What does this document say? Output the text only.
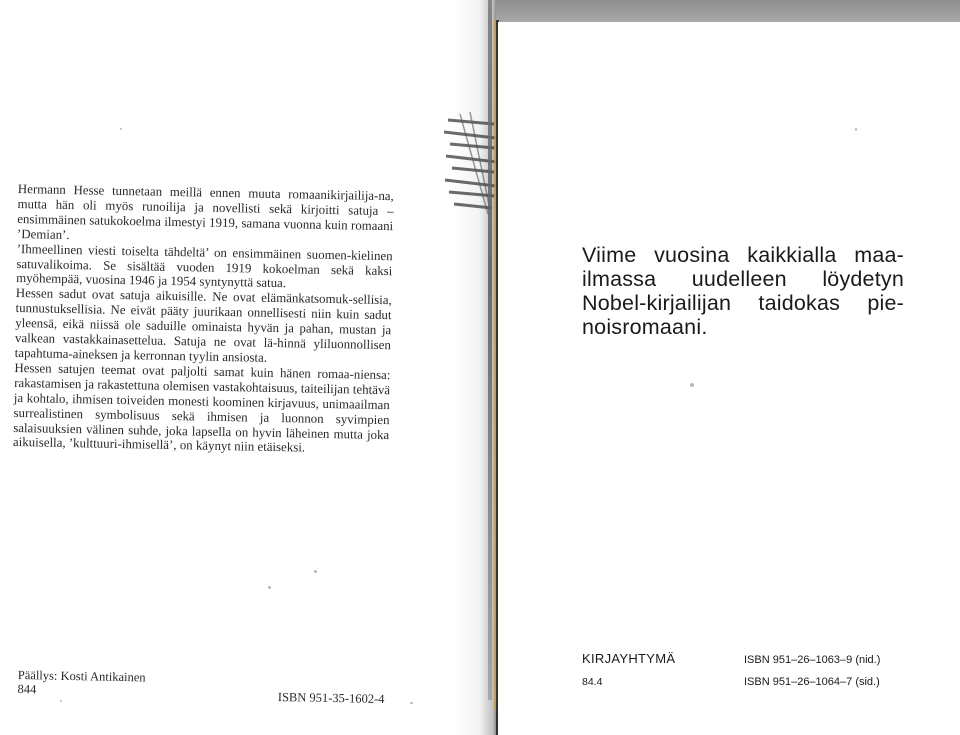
Hermann Hesse tunnetaan meillä ennen muuta romaanikirjailija-na, mutta hän oli myös runoilija ja novellisti sekä kirjoitti satuja – ensimmäinen satukokoelma ilmestyi 1919, samana vuonna kuin romaani ’Demian’.

’Ihmeellinen viesti toiselta tähdeltä’ on ensimmäinen suomen-kielinen satuvalikoima. Se sisältää vuoden 1919 kokoelman sekä kaksi myöhempää, vuosina 1946 ja 1954 syntynyttä satua.

Hessen sadut ovat satuja aikuisille. Ne ovat elämänkatsomuk-sellisia, tunnustuksellisia. Ne eivät pääty juurikaan onnellisesti niin kuin sadut yleensä, eikä niissä ole saduille ominaista hyvän ja pahan, mustan ja valkean vastakkainasettelua. Satuja ne ovat lä-hinnä yliluonnollisen tapahtuma-aineksen ja kerronnan tyylin ansiosta.

Hessen satujen teemat ovat paljolti samat kuin hänen romaa-niensa: rakastamisen ja rakastettuna olemisen vastakohtaisuus, taiteilijan tehtävä ja kohtalo, ihmisen toiveiden monesti koominen kirjavuus, unimaailman surrealistinen symbolisuus sekä ihmisen ja luonnon syvimpien salaisuuksien välinen suhde, joka lapsella on hyvin läheinen mutta joka aikuisella, ’kulttuuri-ihmisellä’, on käynyt niin etäiseksi.

Päällys: Kosti Antikainen
844
ISBN 951-35-1602-4
Viime vuosina kaikkialla maa-ilmassa uudelleen löydetyn Nobel-kirjailijan taidokas pie-noisromaani.
KIRJAYHTYMÄ
84.4
ISBN 951–26–1063–9 (nid.)
ISBN 951–26–1064–7 (sid.)
